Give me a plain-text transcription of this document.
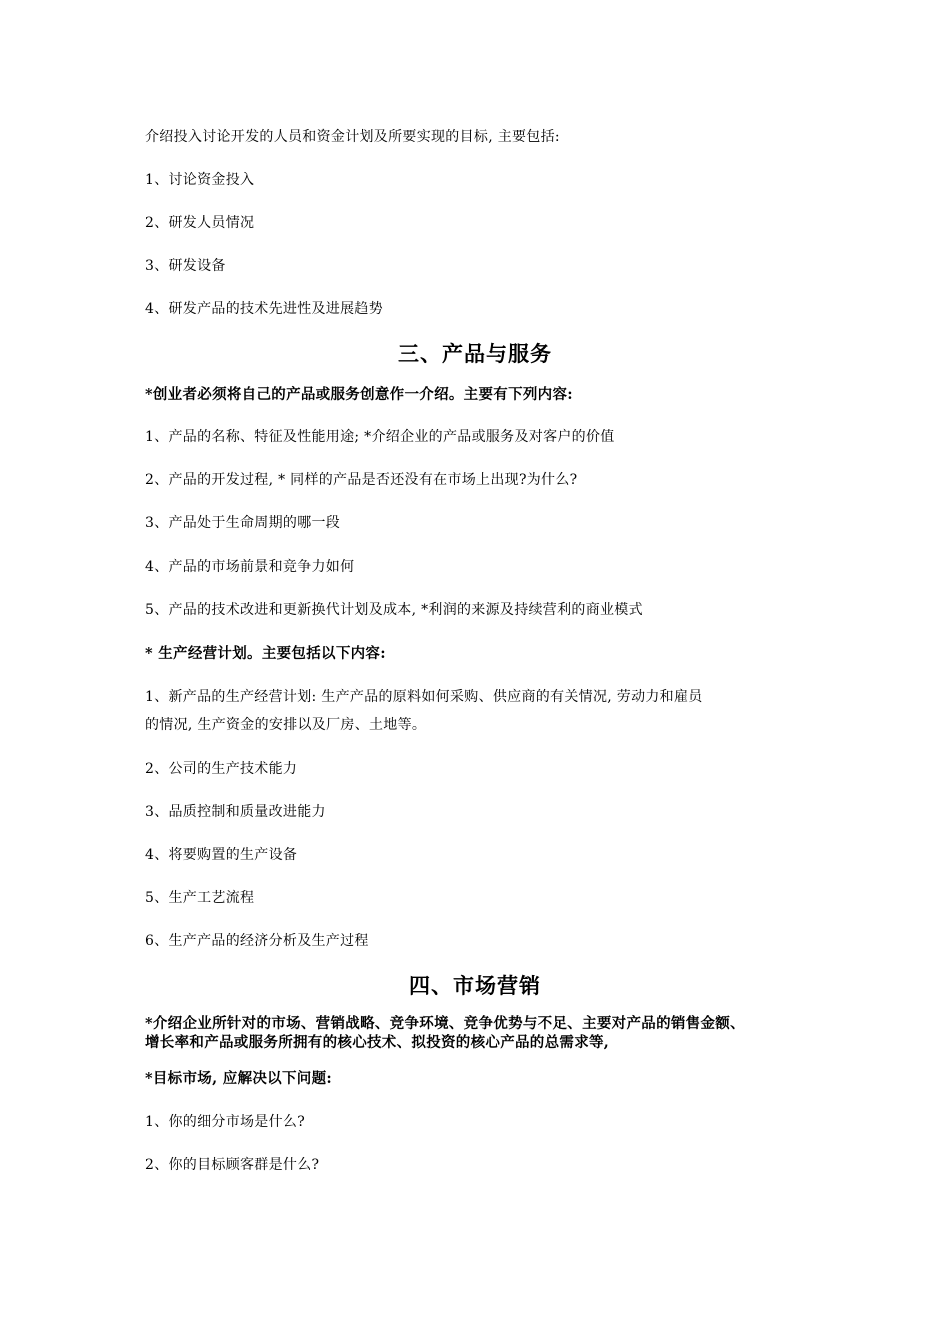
介绍投入讨论开发的人员和资金计划及所要实现的目标, 主要包括:
1、讨论资金投入
2、研发人员情况
3、研发设备
4、研发产品的技术先进性及进展趋势
三、产品与服务
*创业者必须将自己的产品或服务创意作一介绍。主要有下列内容:
1、产品的名称、特征及性能用途; *介绍企业的产品或服务及对客户的价值
2、产品的开发过程, * 同样的产品是否还没有在市场上出现?为什么?
3、产品处于生命周期的哪一段
4、产品的市场前景和竞争力如何
5、产品的技术改进和更新换代计划及成本, *利润的来源及持续营利的商业模式
* 生产经营计划。主要包括以下内容:
1、新产品的生产经营计划: 生产产品的原料如何采购、供应商的有关情况, 劳动力和雇员
的情况, 生产资金的安排以及厂房、土地等。
2、公司的生产技术能力
3、品质控制和质量改进能力
4、将要购置的生产设备
5、生产工艺流程
6、生产产品的经济分析及生产过程
四、市场营销
*介绍企业所针对的市场、营销战略、竞争环境、竞争优势与不足、主要对产品的销售金额、
增长率和产品或服务所拥有的核心技术、拟投资的核心产品的总需求等,
*目标市场, 应解决以下问题:
1、你的细分市场是什么?
2、你的目标顾客群是什么?
